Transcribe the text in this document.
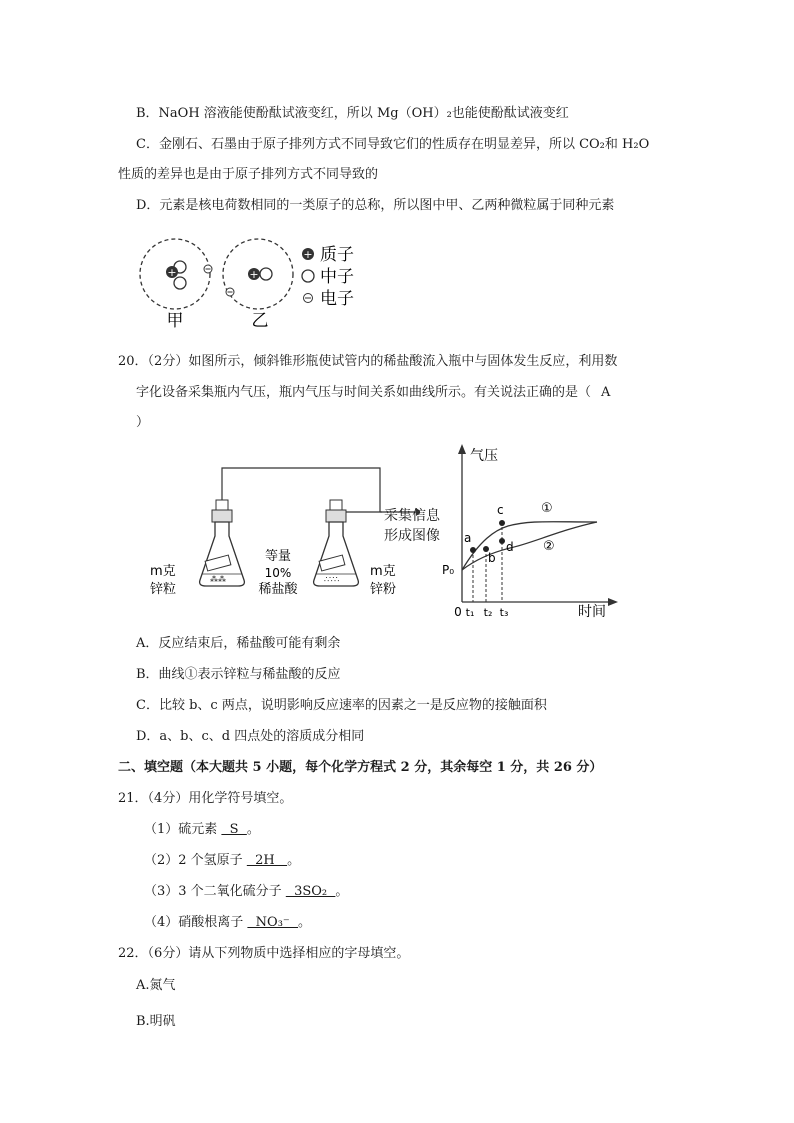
B．NaOH 溶液能使酚酞试液变红，所以 Mg（OH）₂也能使酚酞试液变红
C．金刚石、石墨由于原子排列方式不同导致它们的性质存在明显差异，所以 CO₂和 H₂O
性质的差异也是由于原子排列方式不同导致的
D．元素是核电荷数相同的一类原子的总称，所以图中甲、乙两种微粒属于同种元素
+
甲
+
乙
+ 质子
中子
电子
20．（2分）如图所示，倾斜锥形瓶使试管内的稀盐酸流入瓶中与固体发生反应，利用数
字化设备采集瓶内气压，瓶内气压与时间关系如曲线所示。有关说法正确的是（ A
）
⁂⁂	∴∵∴
m克
锌粒
等量
10%
稀盐酸
m克
锌粉
采集信息
形成图像
气压
时间
0
P₀
a
b
c
d
t₁ t₂ t₃
①
②
A．反应结束后，稀盐酸可能有剩余
B．曲线①表示锌粒与稀盐酸的反应
C．比较 b、c 两点，说明影响反应速率的因素之一是反应物的接触面积
D．a、b、c、d 四点处的溶质成分相同
二、填空题（本大题共 5 小题，每个化学方程式 2 分，其余每空 1 分，共 26 分）
21．（4分）用化学符号填空。
（1）硫元素   S  。
（2）2 个氢原子   2H   。
（3）3 个二氧化硫分子   3SO₂  。
（4）硝酸根离子   NO₃⁻  。
22．（6分）请从下列物质中选择相应的字母填空。
A.氮气
B.明矾
